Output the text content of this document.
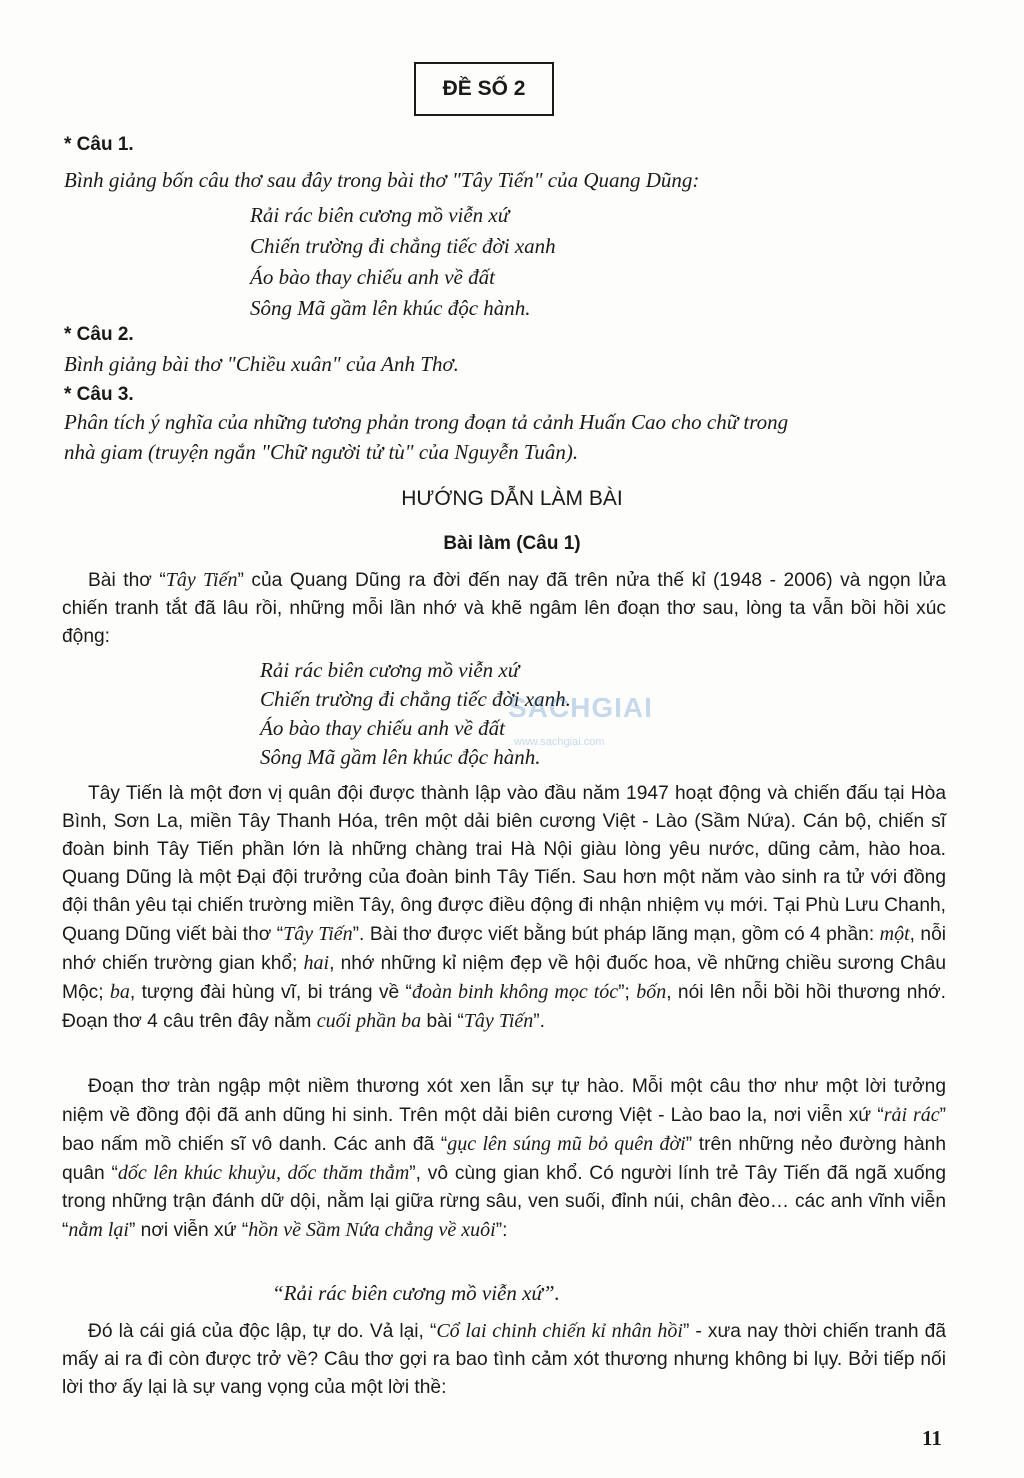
ĐỀ SỐ 2
* Câu 1.
Bình giảng bốn câu thơ sau đây trong bài thơ "Tây Tiến" của Quang Dũng:
Rải rác biên cương mồ viễn xứ
Chiến trường đi chẳng tiếc đời xanh
Áo bào thay chiếu anh về đất
Sông Mã gầm lên khúc độc hành.
* Câu 2.
Bình giảng bài thơ "Chiều xuân" của Anh Thơ.
* Câu 3.
Phân tích ý nghĩa của những tương phản trong đoạn tả cảnh Huấn Cao cho chữ trong
nhà giam (truyện ngắn "Chữ người tử tù" của Nguyễn Tuân).
HƯỚNG DẪN LÀM BÀI
Bài làm (Câu 1)
Bài thơ “Tây Tiến” của Quang Dũng ra đời đến nay đã trên nửa thế kỉ (1948 - 2006) và ngọn lửa chiến tranh tắt đã lâu rồi, những mỗi lần nhớ và khẽ ngâm lên đoạn thơ sau, lòng ta vẫn bồi hồi xúc động:
Rải rác biên cương mồ viễn xứ
Chiến trường đi chẳng tiếc đời xanh.
Áo bào thay chiếu anh về đất
Sông Mã gầm lên khúc độc hành.
SACHGIAI
www.sachgiai.com
Tây Tiến là một đơn vị quân đội được thành lập vào đầu năm 1947 hoạt động và chiến đấu tại Hòa Bình, Sơn La, miền Tây Thanh Hóa, trên một dải biên cương Việt - Lào (Sầm Nứa). Cán bộ, chiến sĩ đoàn binh Tây Tiến phần lớn là những chàng trai Hà Nội giàu lòng yêu nước, dũng cảm, hào hoa. Quang Dũng là một Đại đội trưởng của đoàn binh Tây Tiến. Sau hơn một năm vào sinh ra tử với đồng đội thân yêu tại chiến trường miền Tây, ông được điều động đi nhận nhiệm vụ mới. Tại Phù Lưu Chanh, Quang Dũng viết bài thơ “Tây Tiến”. Bài thơ được viết bằng bút pháp lãng mạn, gồm có 4 phần: một, nỗi nhớ chiến trường gian khổ; hai, nhớ những kỉ niệm đẹp về hội đuốc hoa, về những chiều sương Châu Mộc; ba, tượng đài hùng vĩ, bi tráng về “đoàn binh không mọc tóc”; bốn, nói lên nỗi bồi hồi thương nhớ. Đoạn thơ 4 câu trên đây nằm cuối phần ba bài “Tây Tiến”.
Đoạn thơ tràn ngập một niềm thương xót xen lẫn sự tự hào. Mỗi một câu thơ như một lời tưởng niệm về đồng đội đã anh dũng hi sinh. Trên một dải biên cương Việt - Lào bao la, nơi viễn xứ “rải rác” bao nấm mồ chiến sĩ vô danh. Các anh đã “gục lên súng mũ bỏ quên đời” trên những nẻo đường hành quân “dốc lên khúc khuỷu, dốc thăm thẳm”, vô cùng gian khổ. Có người lính trẻ Tây Tiến đã ngã xuống trong những trận đánh dữ dội, nằm lại giữa rừng sâu, ven suối, đỉnh núi, chân đèo… các anh vĩnh viễn “nằm lại” nơi viễn xứ “hồn về Sầm Nứa chẳng về xuôi”:
“Rải rác biên cương mồ viễn xứ”.
Đó là cái giá của độc lập, tự do. Vả lại, “Cổ lai chinh chiến kỉ nhân hồi” - xưa nay thời chiến tranh đã mấy ai ra đi còn được trở về? Câu thơ gợi ra bao tình cảm xót thương nhưng không bi lụy. Bởi tiếp nối lời thơ ấy lại là sự vang vọng của một lời thề:
11
